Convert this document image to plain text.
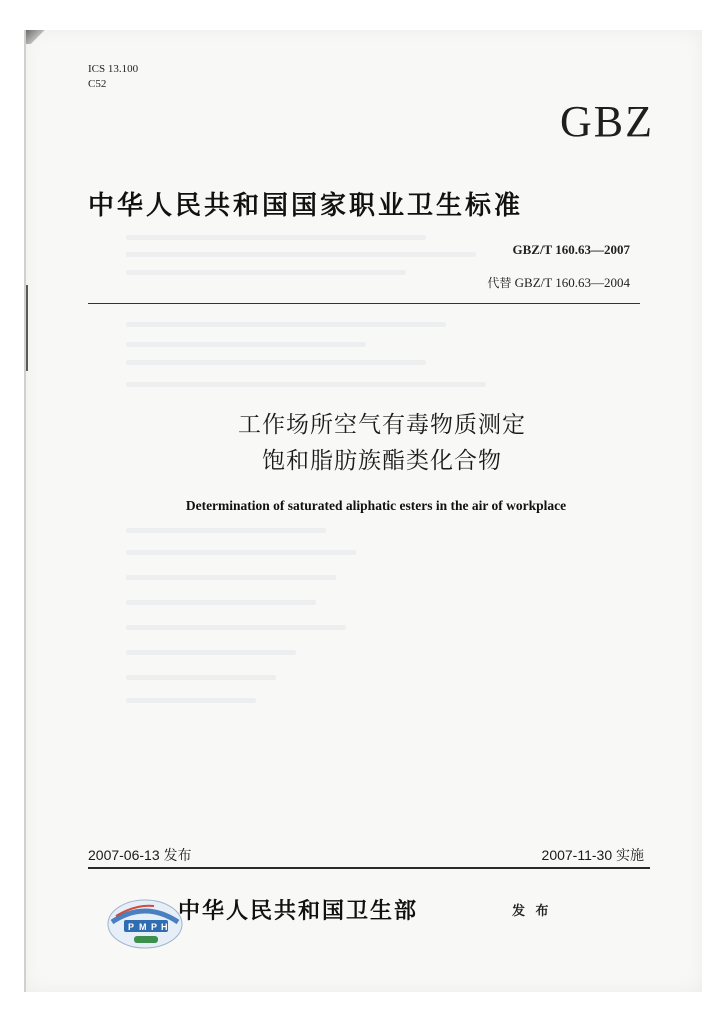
ICS 13.100
C52
GBZ
中华人民共和国国家职业卫生标准
GBZ/T 160.63—2007
代替 GBZ/T 160.63—2004
工作场所空气有毒物质测定
饱和脂肪族酯类化合物
Determination of saturated aliphatic esters in the air of workplace
2007-06-13 发布	2007-11-30 实施
P M P H
中华人民共和国卫生部	发 布
